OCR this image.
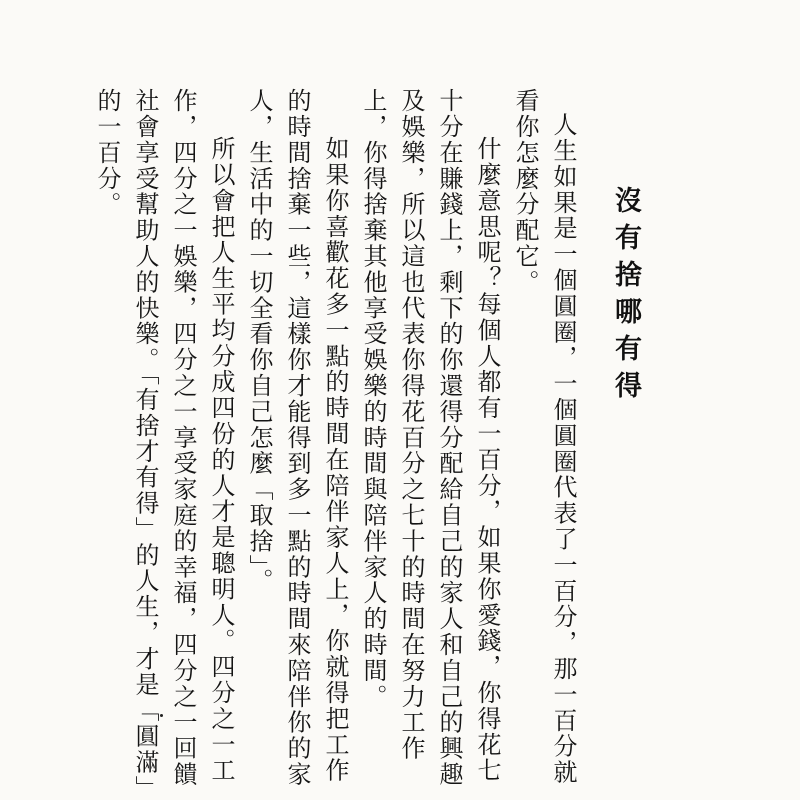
⠀
沒有捨哪有得

人生如果是一個圓圈，一個圓圈代表了一百分，那一百分就看你怎麼分配它。

什麼意思呢？每個人都有一百分，如果你愛錢，你得花七十分在賺錢上，剩下的你還得分配給自己的家人和自己的興趣及娛樂，所以這也代表你得花百分之七十的時間在努力工作上，你得捨棄其他享受娛樂的時間與陪伴家人的時間。

如果你喜歡花多一點的時間在陪伴家人上，你就得把工作的時間捨棄一些，這樣你才能得到多一點的時間來陪伴你的家人，生活中的一切全看你自己怎麼「取捨」。

所以會把人生平均分成四份的人才是聰明人。四分之一工作，四分之一娛樂，四分之一享受家庭的幸福，四分之一回饋社會享受幫助人的快樂。「有捨才有得」的人生，才是「圓滿」的一百分。
